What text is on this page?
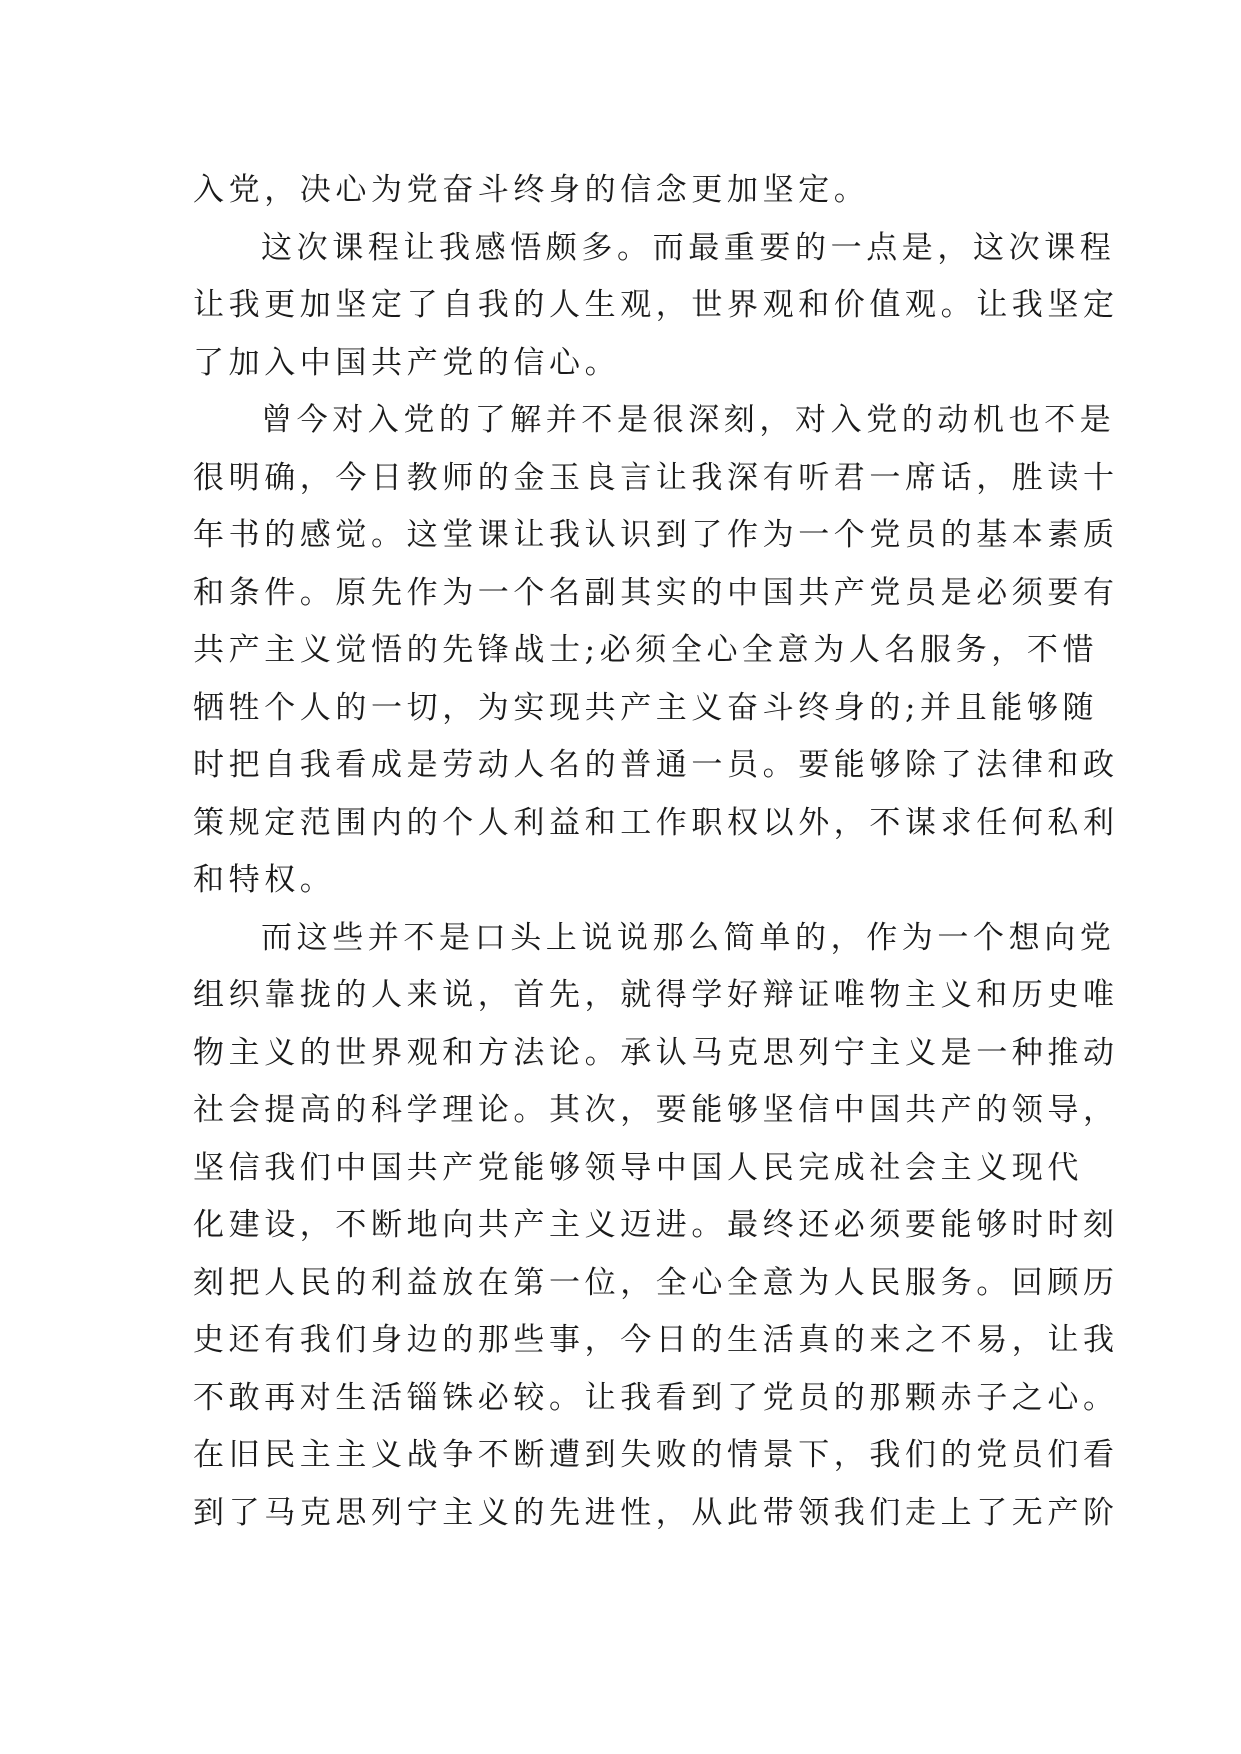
入党，决心为党奋斗终身的信念更加坚定。
这次课程让我感悟颇多。而最重要的一点是，这次课程
让我更加坚定了自我的人生观，世界观和价值观。让我坚定
了加入中国共产党的信心。
曾今对入党的了解并不是很深刻，对入党的动机也不是
很明确，今日教师的金玉良言让我深有听君一席话，胜读十
年书的感觉。这堂课让我认识到了作为一个党员的基本素质
和条件。原先作为一个名副其实的中国共产党员是必须要有
共产主义觉悟的先锋战士;必须全心全意为人名服务，不惜
牺牲个人的一切，为实现共产主义奋斗终身的;并且能够随
时把自我看成是劳动人名的普通一员。要能够除了法律和政
策规定范围内的个人利益和工作职权以外，不谋求任何私利
和特权。
而这些并不是口头上说说那么简单的，作为一个想向党
组织靠拢的人来说，首先，就得学好辩证唯物主义和历史唯
物主义的世界观和方法论。承认马克思列宁主义是一种推动
社会提高的科学理论。其次，要能够坚信中国共产的领导，
坚信我们中国共产党能够领导中国人民完成社会主义现代
化建设，不断地向共产主义迈进。最终还必须要能够时时刻
刻把人民的利益放在第一位，全心全意为人民服务。回顾历
史还有我们身边的那些事，今日的生活真的来之不易，让我
不敢再对生活锱铢必较。让我看到了党员的那颗赤子之心。
在旧民主主义战争不断遭到失败的情景下，我们的党员们看
到了马克思列宁主义的先进性，从此带领我们走上了无产阶
